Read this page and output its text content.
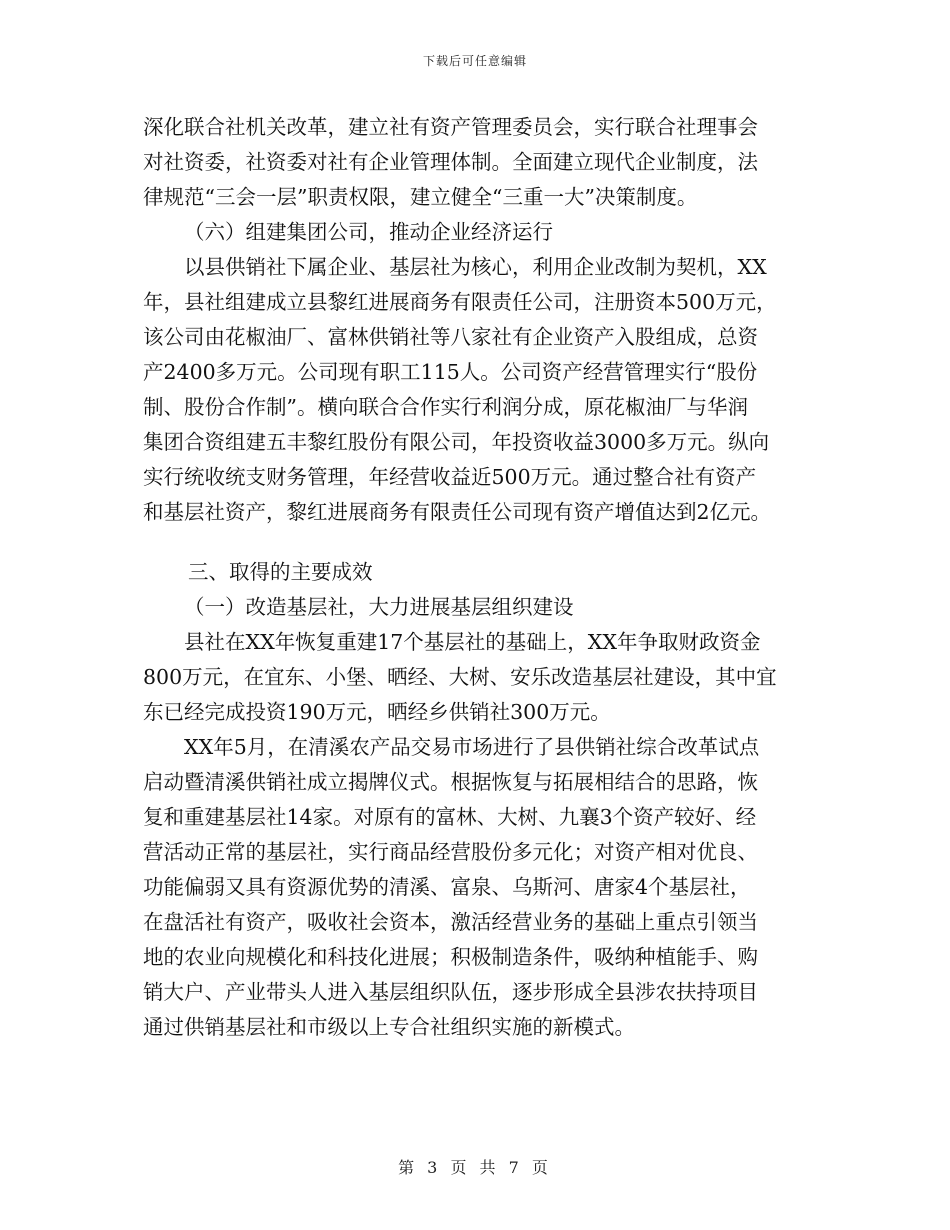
下载后可任意编辑
深化联合社机关改革，建立社有资产管理委员会，实行联合社理事会
对社资委，社资委对社有企业管理体制。全面建立现代企业制度，法
律规范“三会一层”职责权限，建立健全“三重一大”决策制度。
（六）组建集团公司，推动企业经济运行
以县供销社下属企业、基层社为核心，利用企业改制为契机，XX
年，县社组建成立县黎红进展商务有限责任公司，注册资本500万元，
该公司由花椒油厂、富林供销社等八家社有企业资产入股组成，总资
产2400多万元。公司现有职工115人。公司资产经营管理实行“股份
制、股份合作制”。横向联合合作实行利润分成，原花椒油厂与华润
集团合资组建五丰黎红股份有限公司，年投资收益3000多万元。纵向
实行统收统支财务管理，年经营收益近500万元。通过整合社有资产
和基层社资产，黎红进展商务有限责任公司现有资产增值达到2亿元。
三、取得的主要成效
（一）改造基层社，大力进展基层组织建设
县社在XX年恢复重建17个基层社的基础上，XX年争取财政资金
800万元，在宜东、小堡、晒经、大树、安乐改造基层社建设，其中宜
东已经完成投资190万元，晒经乡供销社300万元。
XX年5月，在清溪农产品交易市场进行了县供销社综合改革试点
启动暨清溪供销社成立揭牌仪式。根据恢复与拓展相结合的思路，恢
复和重建基层社14家。对原有的富林、大树、九襄3个资产较好、经
营活动正常的基层社，实行商品经营股份多元化；对资产相对优良、
功能偏弱又具有资源优势的清溪、富泉、乌斯河、唐家4个基层社，
在盘活社有资产，吸收社会资本，激活经营业务的基础上重点引领当
地的农业向规模化和科技化进展；积极制造条件，吸纳种植能手、购
销大户、产业带头人进入基层组织队伍，逐步形成全县涉农扶持项目
通过供销基层社和市级以上专合社组织实施的新模式。
第 3 页 共 7 页
